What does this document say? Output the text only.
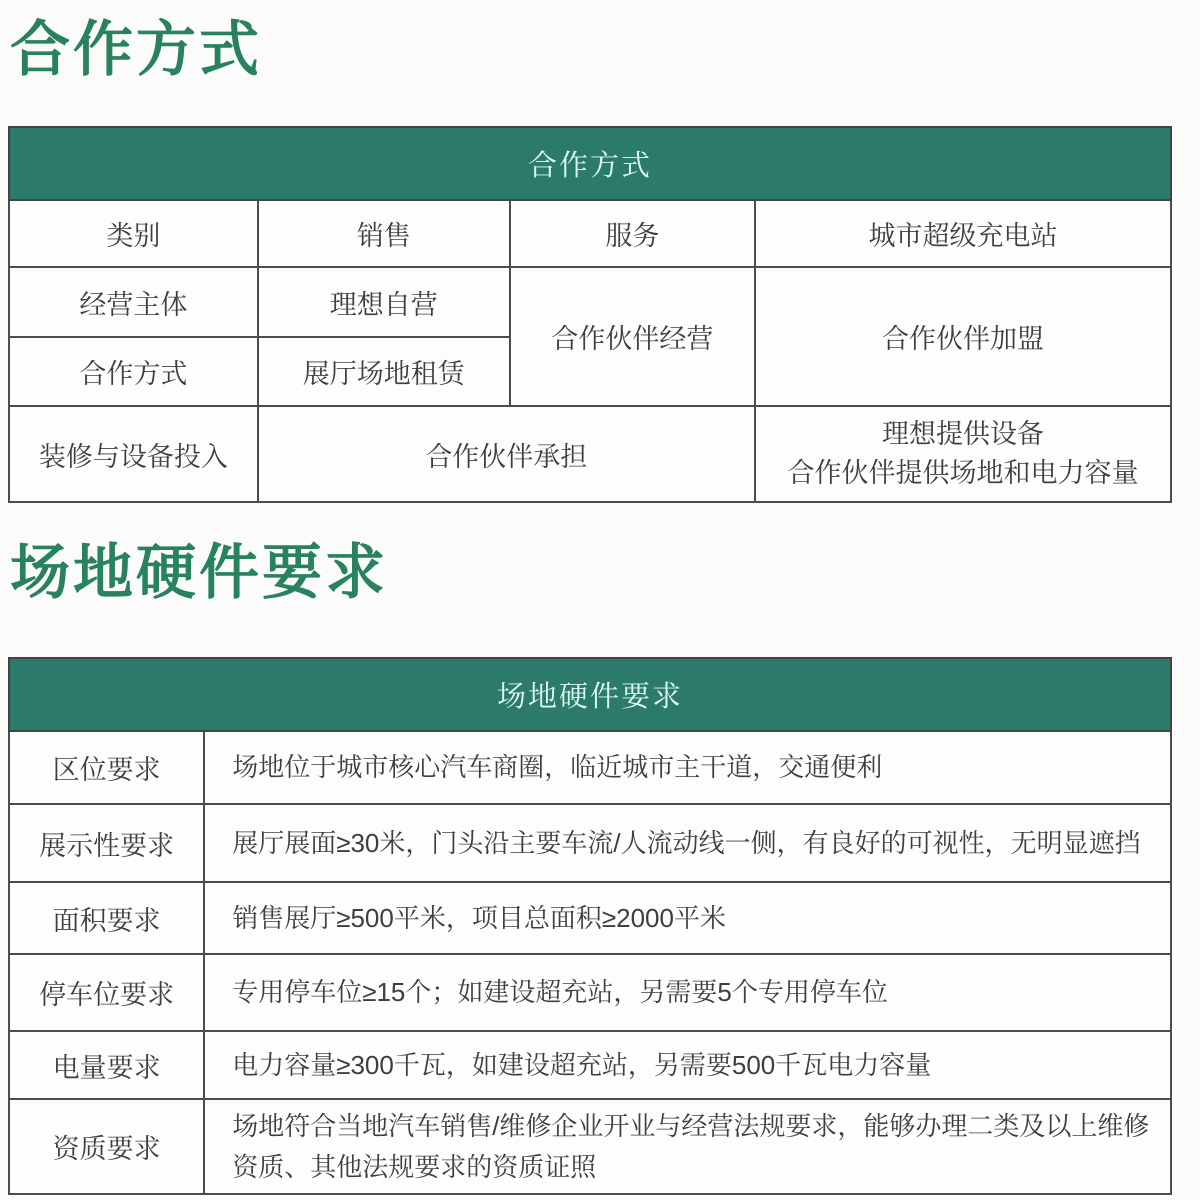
合作方式
合作方式			
类别	销售	服务	城市超级充电站
经营主体	理想自营	合作伙伴经营	合作伙伴加盟
合作方式	展厅场地租赁		
装修与设备投入	合作伙伴承担		理想提供设备
合作伙伴提供场地和电力容量
场地硬件要求
场地硬件要求	
区位要求	场地位于城市核心汽车商圈，临近城市主干道，交通便利
展示性要求	展厅展面≥30米，门头沿主要车流/人流动线一侧，有良好的可视性，无明显遮挡
面积要求	销售展厅≥500平米，项目总面积≥2000平米
停车位要求	专用停车位≥15个；如建设超充站，另需要5个专用停车位
电量要求	电力容量≥300千瓦，如建设超充站，另需要500千瓦电力容量
资质要求	场地符合当地汽车销售/维修企业开业与经营法规要求，能够办理二类及以上维修资质、其他法规要求的资质证照
